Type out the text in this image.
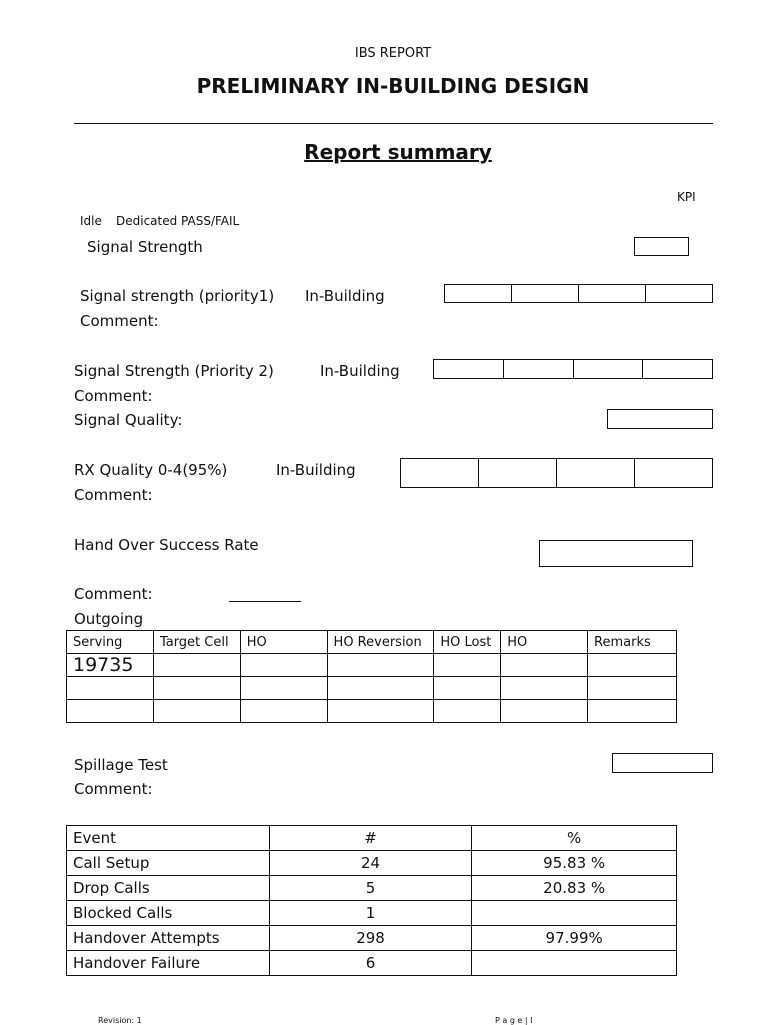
IBS REPORT
PRELIMINARY IN-BUILDING DESIGN
Report summary
KPI
Idle Dedicated PASS/FAIL
Signal Strength
Signal strength (priority1) In-Building
Comment:
Signal Strength (Priority 2)	In-Building
Comment:
Signal Quality:
RX Quality 0-4(95%)	In-Building
Comment:
Hand Over Success Rate
Comment:
Outgoing
Serving	Target Cell	HO	HO Reversion	HO Lost	HO	Remarks
19735						

Spillage Test
Comment:
Event	#	%
Call Setup	24	95.83 %
Drop Calls	5	20.83 %
Blocked Calls	1	
Handover Attempts	298	97.99%
Handover Failure	6	
Revision: 1	P a g e | I
